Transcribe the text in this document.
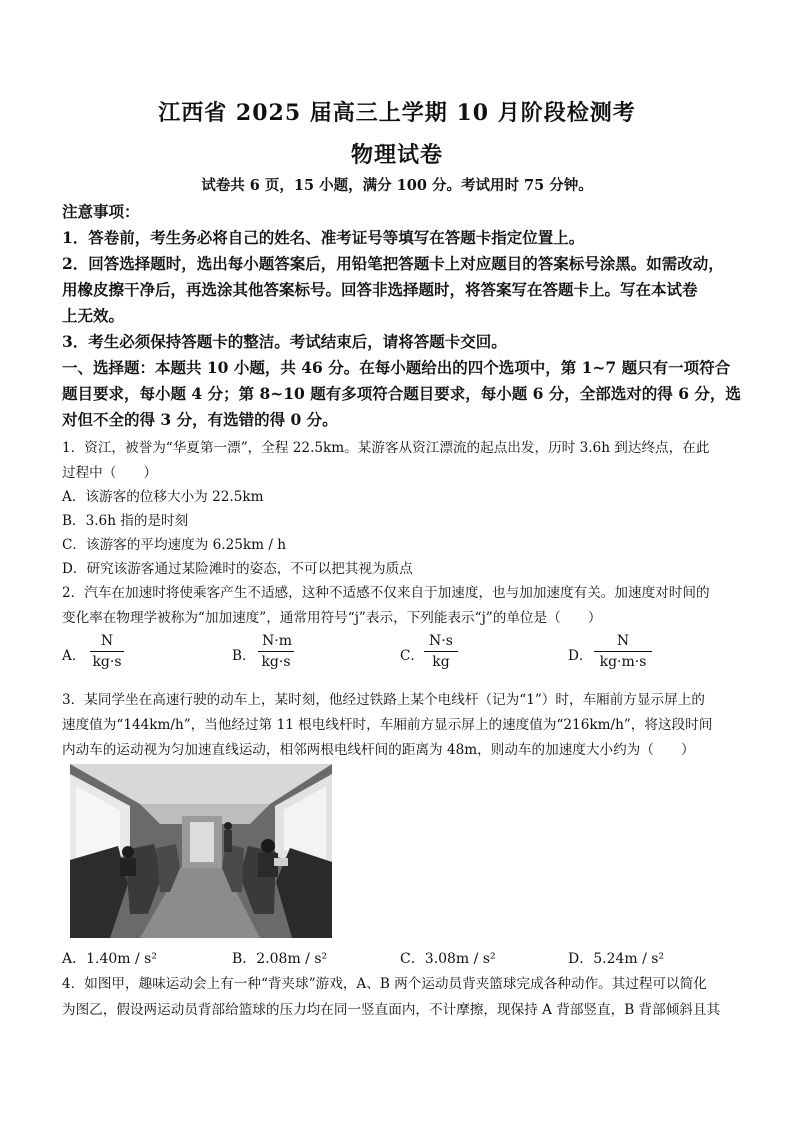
江西省 2025 届高三上学期 10 月阶段检测考
物理试卷
试卷共 6 页，15 小题，满分 100 分。考试用时 75 分钟。
注意事项：
1．答卷前，考生务必将自己的姓名、准考证号等填写在答题卡指定位置上。
2．回答选择题时，选出每小题答案后，用铅笔把答题卡上对应题目的答案标号涂黑。如需改动，
用橡皮擦干净后，再选涂其他答案标号。回答非选择题时，将答案写在答题卡上。写在本试卷
上无效。
3．考生必须保持答题卡的整洁。考试结束后，请将答题卡交回。
一、选择题：本题共 10 小题，共 46 分。在每小题给出的四个选项中，第 1~7 题只有一项符合
题目要求，每小题 4 分；第 8~10 题有多项符合题目要求，每小题 6 分，全部选对的得 6 分，选
对但不全的得 3 分，有选错的得 0 分。
1．资江，被誉为“华夏第一漂”，全程 22.5km。某游客从资江漂流的起点出发，历时 3.6h 到达终点，在此
过程中（　　）
A．该游客的位移大小为 22.5km
B．3.6h 指的是时刻
C．该游客的平均速度为 6.25km / h
D．研究该游客通过某险滩时的姿态，不可以把其视为质点
2．汽车在加速时将使乘客产生不适感，这种不适感不仅来自于加速度，也与加加速度有关。加速度对时间的
变化率在物理学被称为“加加速度”，通常用符号“j”表示，下列能表示“j”的单位是（　　）
A．
N
kg·s	B．
N·m
kg·s	C．
N·s
kg	D．
N
kg·m·s
3．某同学坐在高速行驶的动车上，某时刻，他经过铁路上某个电线杆（记为“1”）时，车厢前方显示屏上的
速度值为“144km/h”，当他经过第 11 根电线杆时，车厢前方显示屏上的速度值为“216km/h”，将这段时间
内动车的运动视为匀加速直线运动，相邻两根电线杆间的距离为 48m，则动车的加速度大小约为（　　）
A．1.40m / s²	B．2.08m / s²	C．3.08m / s²	D．5.24m / s²
4．如图甲，趣味运动会上有一种“背夹球”游戏，A、B 两个运动员背夹篮球完成各种动作。其过程可以简化
为图乙，假设两运动员背部给篮球的压力均在同一竖直面内，不计摩擦，现保持 A 背部竖直，B 背部倾斜且其
